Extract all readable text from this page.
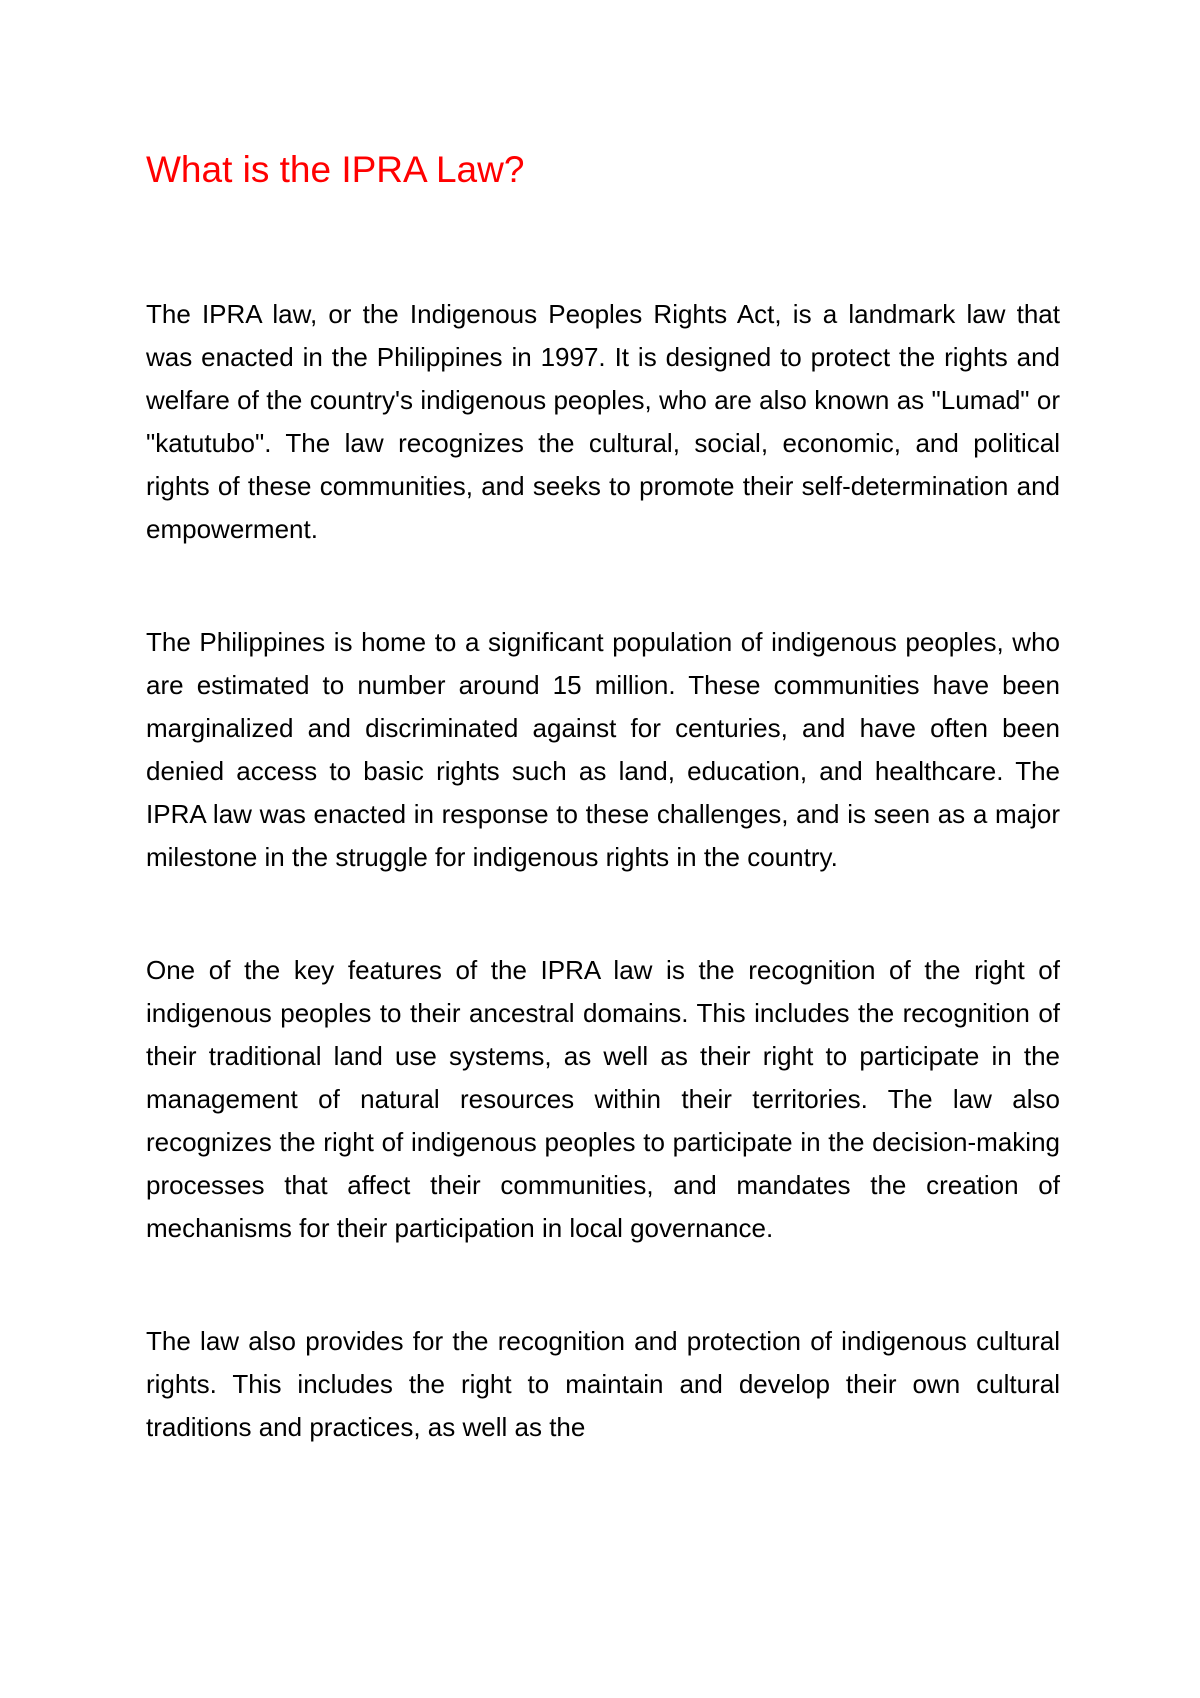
What is the IPRA Law?

The IPRA law, or the Indigenous Peoples Rights Act, is a landmark law that was enacted in the Philippines in 1997. It is designed to protect the rights and welfare of the country's indigenous peoples, who are also known as "Lumad" or "katutubo". The law recognizes the cultural, social, economic, and political rights of these communities, and seeks to promote their self-determination and empowerment.

The Philippines is home to a significant population of indigenous peoples, who are estimated to number around 15 million. These communities have been marginalized and discriminated against for centuries, and have often been denied access to basic rights such as land, education, and healthcare. The IPRA law was enacted in response to these challenges, and is seen as a major milestone in the struggle for indigenous rights in the country.

One of the key features of the IPRA law is the recognition of the right of indigenous peoples to their ancestral domains. This includes the recognition of their traditional land use systems, as well as their right to participate in the management of natural resources within their territories. The law also recognizes the right of indigenous peoples to participate in the decision-making processes that affect their communities, and mandates the creation of mechanisms for their participation in local governance.

The law also provides for the recognition and protection of indigenous cultural rights. This includes the right to maintain and develop their own cultural traditions and practices, as well as the
